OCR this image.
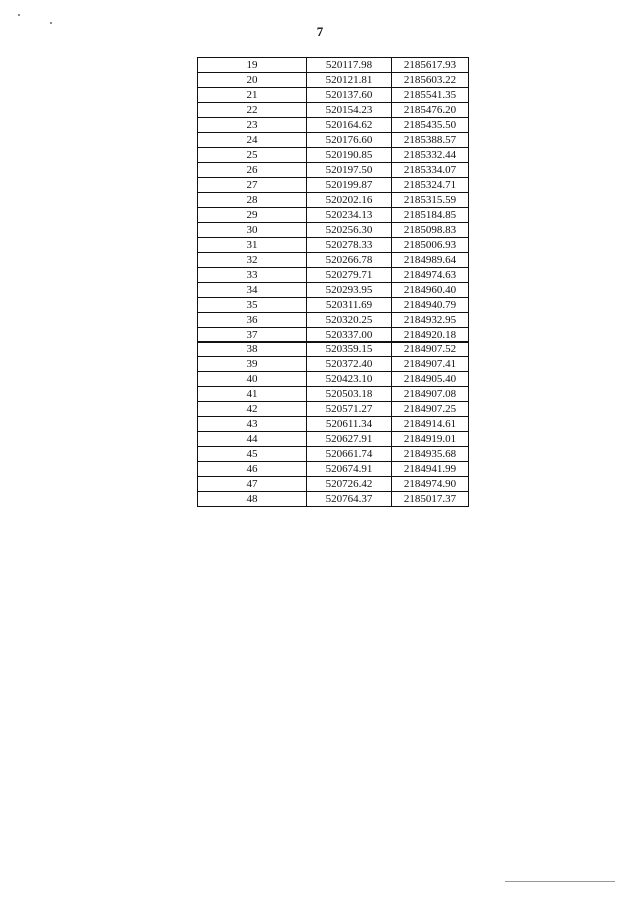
7
19	520117.98	2185617.93
20	520121.81	2185603.22
21	520137.60	2185541.35
22	520154.23	2185476.20
23	520164.62	2185435.50
24	520176.60	2185388.57
25	520190.85	2185332.44
26	520197.50	2185334.07
27	520199.87	2185324.71
28	520202.16	2185315.59
29	520234.13	2185184.85
30	520256.30	2185098.83
31	520278.33	2185006.93
32	520266.78	2184989.64
33	520279.71	2184974.63
34	520293.95	2184960.40
35	520311.69	2184940.79
36	520320.25	2184932.95
37	520337.00	2184920.18
38	520359.15	2184907.52
39	520372.40	2184907.41
40	520423.10	2184905.40
41	520503.18	2184907.08
42	520571.27	2184907.25
43	520611.34	2184914.61
44	520627.91	2184919.01
45	520661.74	2184935.68
46	520674.91	2184941.99
47	520726.42	2184974.90
48	520764.37	2185017.37
